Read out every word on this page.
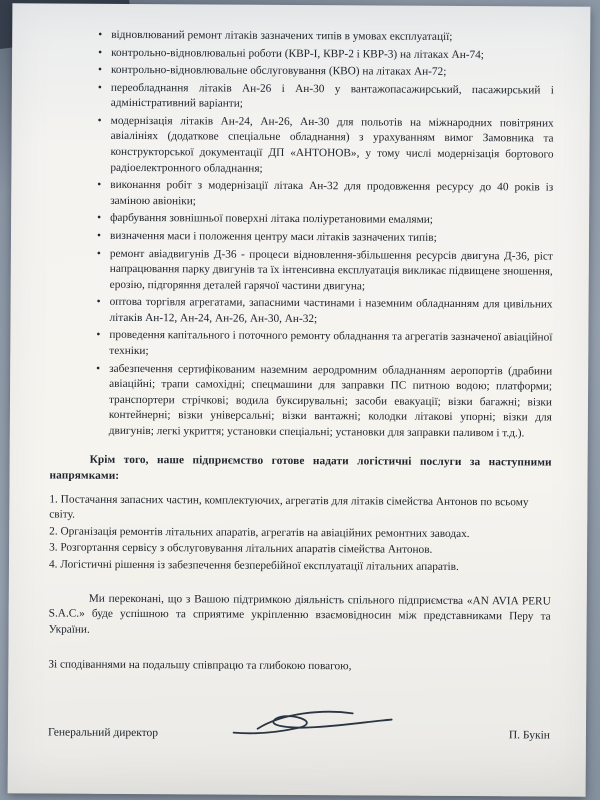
• відновлюваний ремонт літаків зазначених типів в умовах експлуатації;
• контрольно-відновлювальні роботи (КВР-І, КВР-2 і КВР-3) на літаках Ан-74;
• контрольно-відновлювальне обслуговування (КВО) на літаках Ан-72;
• переобладнання літаків Ан-26 і Ан-30 у вантажопасажирський, пасажирський і адміністративний варіанти;
• модернізація літаків Ан-24, Ан-26, Ан-30 для польотів на міжнародних повітряних авіалініях (додаткове спеціальне обладнання) з урахуванням вимог Замовника та конструкторської документації ДП «АНТОНОВ», у тому числі модернізація бортового радіоелектронного обладнання;
• виконання робіт з модернізації літака Ан-32 для продовження ресурсу до 40 років із заміною авіоніки;
• фарбування зовнішньої поверхні літака поліуретановими емалями;
• визначення маси і положення центру маси літаків зазначених типів;
• ремонт авіадвигунів Д-36 - процеси відновлення-збільшення ресурсів двигуна Д-36, ріст напрацювання парку двигунів та їх інтенсивна експлуатація викликає підвищене зношення, ерозію, підгоряння деталей гарячої частини двигуна;
• оптова торгівля агрегатами, запасними частинами і наземним обладнанням для цивільних літаків Ан-12, Ан-24, Ан-26, Ан-30, Ан-32;
• проведення капітального і поточного ремонту обладнання та агрегатів зазначеної авіаційної техніки;
• забезпечення сертифікованим наземним аеродромним обладнанням аеропортів (драбини авіаційні; трапи самохідні; спецмашини для заправки ПС питною водою; платформи; транспортери стрічкові; водила буксирувальні; засоби евакуації; візки багажні; візки контейнерні; візки універсальні; візки вантажні; колодки літакові упорні; візки для двигунів; легкі укриття; установки спеціальні; установки для заправки паливом і т.д.).

Крім того, наше підприємство готове надати логістичні послуги за наступними напрямками:

1. Постачання запасних частин, комплектуючих, агрегатів для літаків сімейства Антонов по всьому світу.

2. Організація ремонтів літальних апаратів, агрегатів на авіаційних ремонтних заводах.

3. Розгортання сервісу з обслуговування літальних апаратів сімейства Антонов.

4. Логістичні рішення із забезпечення безперебійної експлуатації літальних апаратів.

Ми переконані, що з Вашою підтримкою діяльність спільного підприємства «AN AVIA PERU S.A.C.» буде успішною та сприятиме укріпленню взаємовідносин між представниками Перу та України.

Зі сподіваннями на подальшу співпрацю та глибокою повагою,

Генеральний директор	П. Букін
